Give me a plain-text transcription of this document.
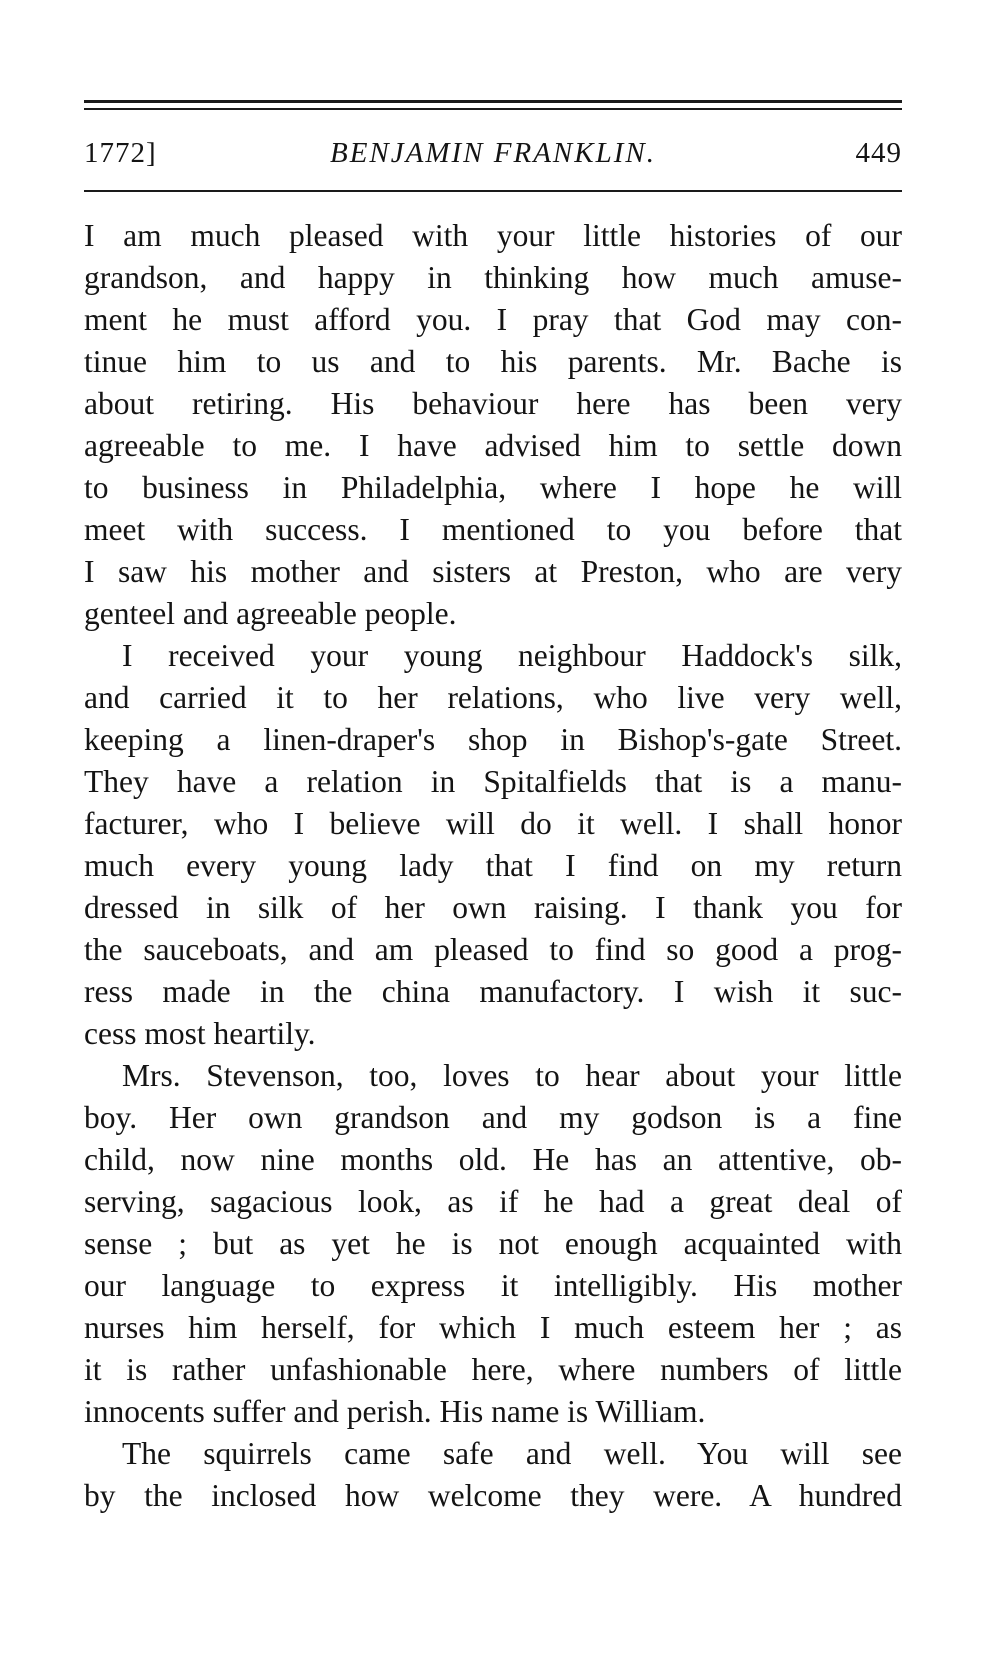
1772]	BENJAMIN FRANKLIN.	449
I am much pleased with your little histories of our
grandson, and happy in thinking how much amuse-
ment he must afford you. I pray that God may con-
tinue him to us and to his parents. Mr. Bache is
about retiring. His behaviour here has been very
agreeable to me. I have advised him to settle down
to business in Philadelphia, where I hope he will
meet with success. I mentioned to you before that
I saw his mother and sisters at Preston, who are very
genteel and agreeable people.
I received your young neighbour Haddock's silk,
and carried it to her relations, who live very well,
keeping a linen-draper's shop in Bishop's-gate Street.
They have a relation in Spitalfields that is a manu-
facturer, who I believe will do it well. I shall honor
much every young lady that I find on my return
dressed in silk of her own raising. I thank you for
the sauceboats, and am pleased to find so good a prog-
ress made in the china manufactory. I wish it suc-
cess most heartily.
Mrs. Stevenson, too, loves to hear about your little
boy. Her own grandson and my godson is a fine
child, now nine months old. He has an attentive, ob-
serving, sagacious look, as if he had a great deal of
sense ; but as yet he is not enough acquainted with
our language to express it intelligibly. His mother
nurses him herself, for which I much esteem her ; as
it is rather unfashionable here, where numbers of little
innocents suffer and perish. His name is William.
The squirrels came safe and well. You will see
by the inclosed how welcome they were. A hundred
